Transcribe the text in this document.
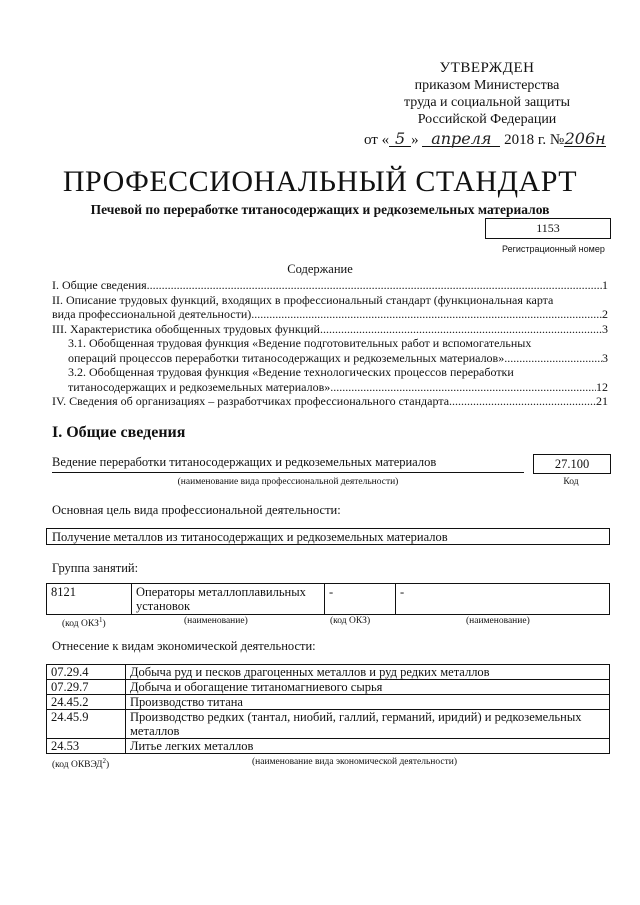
УТВЕРЖДЕН
приказом Министерства
труда и социальной защиты
Российской Федерации
от « 5 » апреля 2018 г. №206н
ПРОФЕССИОНАЛЬНЫЙ СТАНДАРТ
Печевой по переработке титаносодержащих и редкоземельных материалов
1153
Регистрационный номер
Содержание
I. Общие сведения .....	1
II. Описание трудовых функций, входящих в профессиональный стандарт (функциональная карта
вида профессиональной деятельности) .....	2
III. Характеристика обобщенных трудовых функций .....	3
3.1. Обобщенная трудовая функция «Ведение подготовительных работ и вспомогательных
операций процессов переработки титаносодержащих и редкоземельных материалов» .....	3
3.2. Обобщенная трудовая функция «Ведение технологических процессов переработки
титаносодержащих и редкоземельных материалов» .....	12
IV. Сведения об организациях – разработчиках профессионального стандарта .....	21
I. Общие сведения
Ведение переработки титаносодержащих и редкоземельных материалов	27.100
(наименование вида профессиональной деятельности)	Код
Основная цель вида профессиональной деятельности:
Получение металлов из титаносодержащих и редкоземельных материалов
Группа занятий:
8121	Операторы металлоплавильных установок	-	-
(код ОКЗ$^1$)	(наименование)	(код ОКЗ)	(наименование)
Отнесение к видам экономической деятельности:
07.29.4	Добыча руд и песков драгоценных металлов и руд редких металлов
07.29.7	Добыча и обогащение титаномагниевого сырья
24.45.2	Производство титана
24.45.9	Производство редких (тантал, ниобий, галлий, германий, иридий) и редкоземельных металлов
24.53	Литье легких металлов
(код ОКВЭД$^2$)	(наименование вида экономической деятельности)
